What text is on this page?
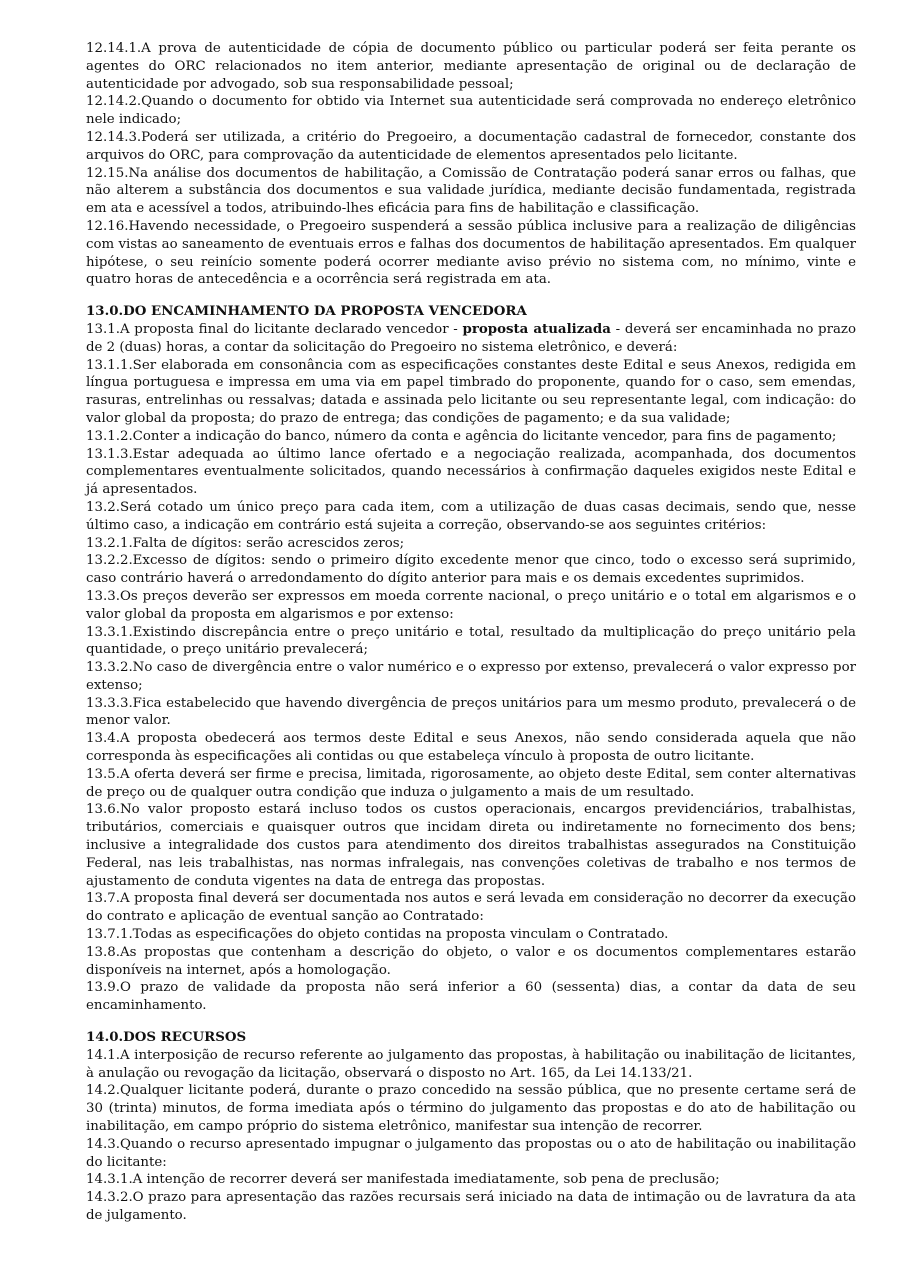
12.14.1.A prova de autenticidade de cópia de documento público ou particular poderá ser feita perante os agentes do ORC relacionados no item anterior, mediante apresentação de original ou de declaração de autenticidade por advogado, sob sua responsabilidade pessoal;

12.14.2.Quando o documento for obtido via Internet sua autenticidade será comprovada no endereço eletrônico nele indicado;

12.14.3.Poderá ser utilizada, a critério do Pregoeiro, a documentação cadastral de fornecedor, constante dos arquivos do ORC, para comprovação da autenticidade de elementos apresentados pelo licitante.

12.15.Na análise dos documentos de habilitação, a Comissão de Contratação poderá sanar erros ou falhas, que não alterem a substância dos documentos e sua validade jurídica, mediante decisão fundamentada, registrada em ata e acessível a todos, atribuindo-lhes eficácia para fins de habilitação e classificação.

12.16.Havendo necessidade, o Pregoeiro suspenderá a sessão pública inclusive para a realização de diligências com vistas ao saneamento de eventuais erros e falhas dos documentos de habilitação apresentados. Em qualquer hipótese, o seu reinício somente poderá ocorrer mediante aviso prévio no sistema com, no mínimo, vinte e quatro horas de antecedência e a ocorrência será registrada em ata.

13.0.DO ENCAMINHAMENTO DA PROPOSTA VENCEDORA

13.1.A proposta final do licitante declarado vencedor - proposta atualizada - deverá ser encaminhada no prazo de 2 (duas) horas, a contar da solicitação do Pregoeiro no sistema eletrônico, e deverá:

13.1.1.Ser elaborada em consonância com as especificações constantes deste Edital e seus Anexos, redigida em língua portuguesa e impressa em uma via em papel timbrado do proponente, quando for o caso, sem emendas, rasuras, entrelinhas ou ressalvas; datada e assinada pelo licitante ou seu representante legal, com indicação: do valor global da proposta; do prazo de entrega; das condições de pagamento; e da sua validade;

13.1.2.Conter a indicação do banco, número da conta e agência do licitante vencedor, para fins de pagamento;

13.1.3.Estar adequada ao último lance ofertado e a negociação realizada, acompanhada, dos documentos complementares eventualmente solicitados, quando necessários à confirmação daqueles exigidos neste Edital e já apresentados.

13.2.Será cotado um único preço para cada item, com a utilização de duas casas decimais, sendo que, nesse último caso, a indicação em contrário está sujeita a correção, observando-se aos seguintes critérios:

13.2.1.Falta de dígitos: serão acrescidos zeros;

13.2.2.Excesso de dígitos: sendo o primeiro dígito excedente menor que cinco, todo o excesso será suprimido, caso contrário haverá o arredondamento do dígito anterior para mais e os demais excedentes suprimidos.

13.3.Os preços deverão ser expressos em moeda corrente nacional, o preço unitário e o total em algarismos e o valor global da proposta em algarismos e por extenso:

13.3.1.Existindo discrepância entre o preço unitário e total, resultado da multiplicação do preço unitário pela quantidade, o preço unitário prevalecerá;

13.3.2.No caso de divergência entre o valor numérico e o expresso por extenso, prevalecerá o valor expresso por extenso;

13.3.3.Fica estabelecido que havendo divergência de preços unitários para um mesmo produto, prevalecerá o de menor valor.

13.4.A proposta obedecerá aos termos deste Edital e seus Anexos, não sendo considerada aquela que não corresponda às especificações ali contidas ou que estabeleça vínculo à proposta de outro licitante.

13.5.A oferta deverá ser firme e precisa, limitada, rigorosamente, ao objeto deste Edital, sem conter alternativas de preço ou de qualquer outra condição que induza o julgamento a mais de um resultado.

13.6.No valor proposto estará incluso todos os custos operacionais, encargos previdenciários, trabalhistas, tributários, comerciais e quaisquer outros que incidam direta ou indiretamente no fornecimento dos bens; inclusive a integralidade dos custos para atendimento dos direitos trabalhistas assegurados na Constituição Federal, nas leis trabalhistas, nas normas infralegais, nas convenções coletivas de trabalho e nos termos de ajustamento de conduta vigentes na data de entrega das propostas.

13.7.A proposta final deverá ser documentada nos autos e será levada em consideração no decorrer da execução do contrato e aplicação de eventual sanção ao Contratado:

13.7.1.Todas as especificações do objeto contidas na proposta vinculam o Contratado.

13.8.As propostas que contenham a descrição do objeto, o valor e os documentos complementares estarão disponíveis na internet, após a homologação.

13.9.O prazo de validade da proposta não será inferior a 60 (sessenta) dias, a contar da data de seu encaminhamento.

14.0.DOS RECURSOS

14.1.A interposição de recurso referente ao julgamento das propostas, à habilitação ou inabilitação de licitantes, à anulação ou revogação da licitação, observará o disposto no Art. 165, da Lei 14.133/21.

14.2.Qualquer licitante poderá, durante o prazo concedido na sessão pública, que no presente certame será de 30 (trinta) minutos, de forma imediata após o término do julgamento das propostas e do ato de habilitação ou inabilitação, em campo próprio do sistema eletrônico, manifestar sua intenção de recorrer.

14.3.Quando o recurso apresentado impugnar o julgamento das propostas ou o ato de habilitação ou inabilitação do licitante:

14.3.1.A intenção de recorrer deverá ser manifestada imediatamente, sob pena de preclusão;

14.3.2.O prazo para apresentação das razões recursais será iniciado na data de intimação ou de lavratura da ata de julgamento.
